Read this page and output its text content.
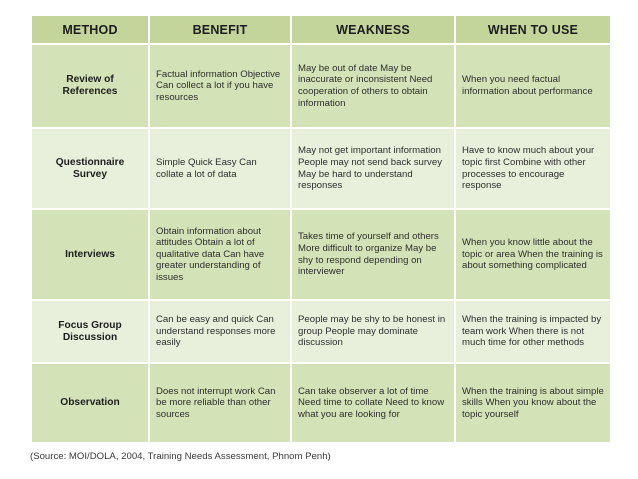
METHOD	BENEFIT	WEAKNESS	WHEN TO USE
Review of References	Factual information Objective Can collect a lot if you have resources	May be out of date May be inaccurate or inconsistent Need cooperation of others to obtain information	When you need factual information about performance
Questionnaire Survey	Simple Quick Easy Can collate a lot of data	May not get important information People may not send back survey May be hard to understand responses	Have to know much about your topic first Combine with other processes to encourage response
Interviews	Obtain information about attitudes Obtain a lot of qualitative data Can have greater understanding of issues	Takes time of yourself and others More difficult to organize May be shy to respond depending on interviewer	When you know little about the topic or area When the training is about something complicated
Focus Group Discussion	Can be easy and quick Can understand responses more easily	People may be shy to be honest in group People may dominate discussion	When the training is impacted by team work When there is not much time for other methods
Observation	Does not interrupt work Can be more reliable than other sources	Can take observer a lot of time Need time to collate Need to know what you are looking for	When the training is about simple skills When you know about the topic yourself
(Source: MOI/DOLA, 2004, Training Needs Assessment, Phnom Penh)
